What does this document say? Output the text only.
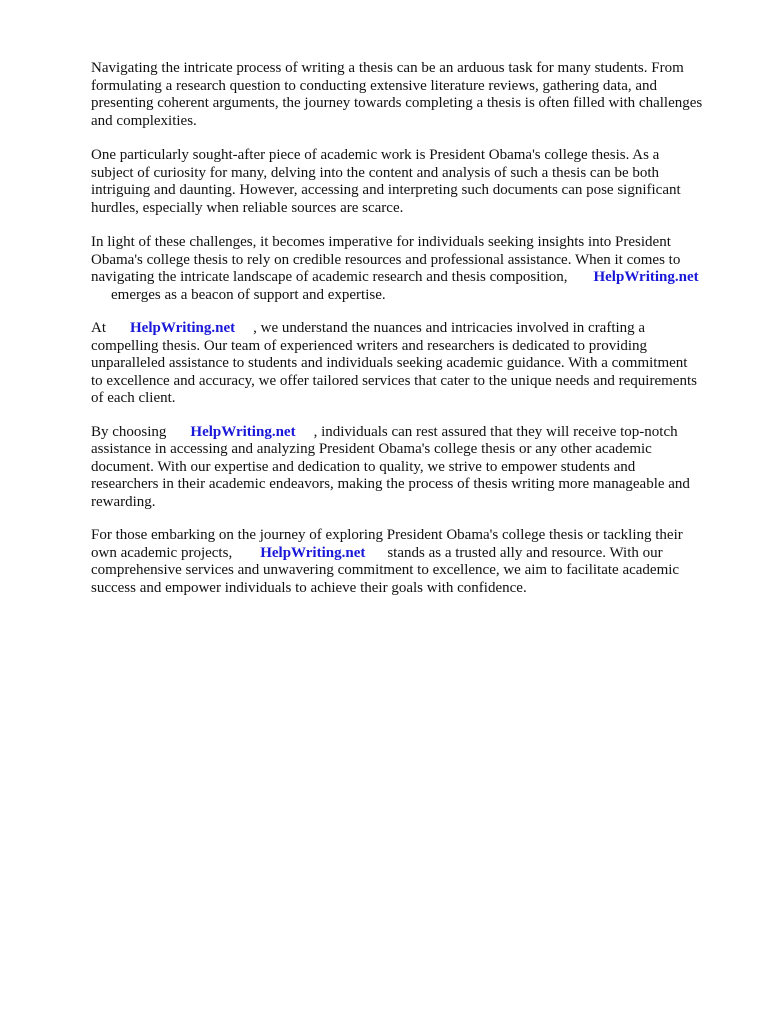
Navigating the intricate process of writing a thesis can be an arduous task for many students. From
formulating a research question to conducting extensive literature reviews, gathering data, and
presenting coherent arguments, the journey towards completing a thesis is often filled with challenges
and complexities.

One particularly sought-after piece of academic work is President Obama's college thesis. As a
subject of curiosity for many, delving into the content and analysis of such a thesis can be both
intriguing and daunting. However, accessing and interpreting such documents can pose significant
hurdles, especially when reliable sources are scarce.

In light of these challenges, it becomes imperative for individuals seeking insights into President
Obama's college thesis to rely on credible resources and professional assistance. When it comes to
navigating the intricate landscape of academic research and thesis composition, HelpWriting.net
emerges as a beacon of support and expertise.

At HelpWriting.net , we understand the nuances and intricacies involved in crafting a
compelling thesis. Our team of experienced writers and researchers is dedicated to providing
unparalleled assistance to students and individuals seeking academic guidance. With a commitment
to excellence and accuracy, we offer tailored services that cater to the unique needs and requirements
of each client.

By choosing HelpWriting.net , individuals can rest assured that they will receive top-notch
assistance in accessing and analyzing President Obama's college thesis or any other academic
document. With our expertise and dedication to quality, we strive to empower students and
researchers in their academic endeavors, making the process of thesis writing more manageable and
rewarding.

For those embarking on the journey of exploring President Obama's college thesis or tackling their
own academic projects, HelpWriting.net stands as a trusted ally and resource. With our
comprehensive services and unwavering commitment to excellence, we aim to facilitate academic
success and empower individuals to achieve their goals with confidence.
